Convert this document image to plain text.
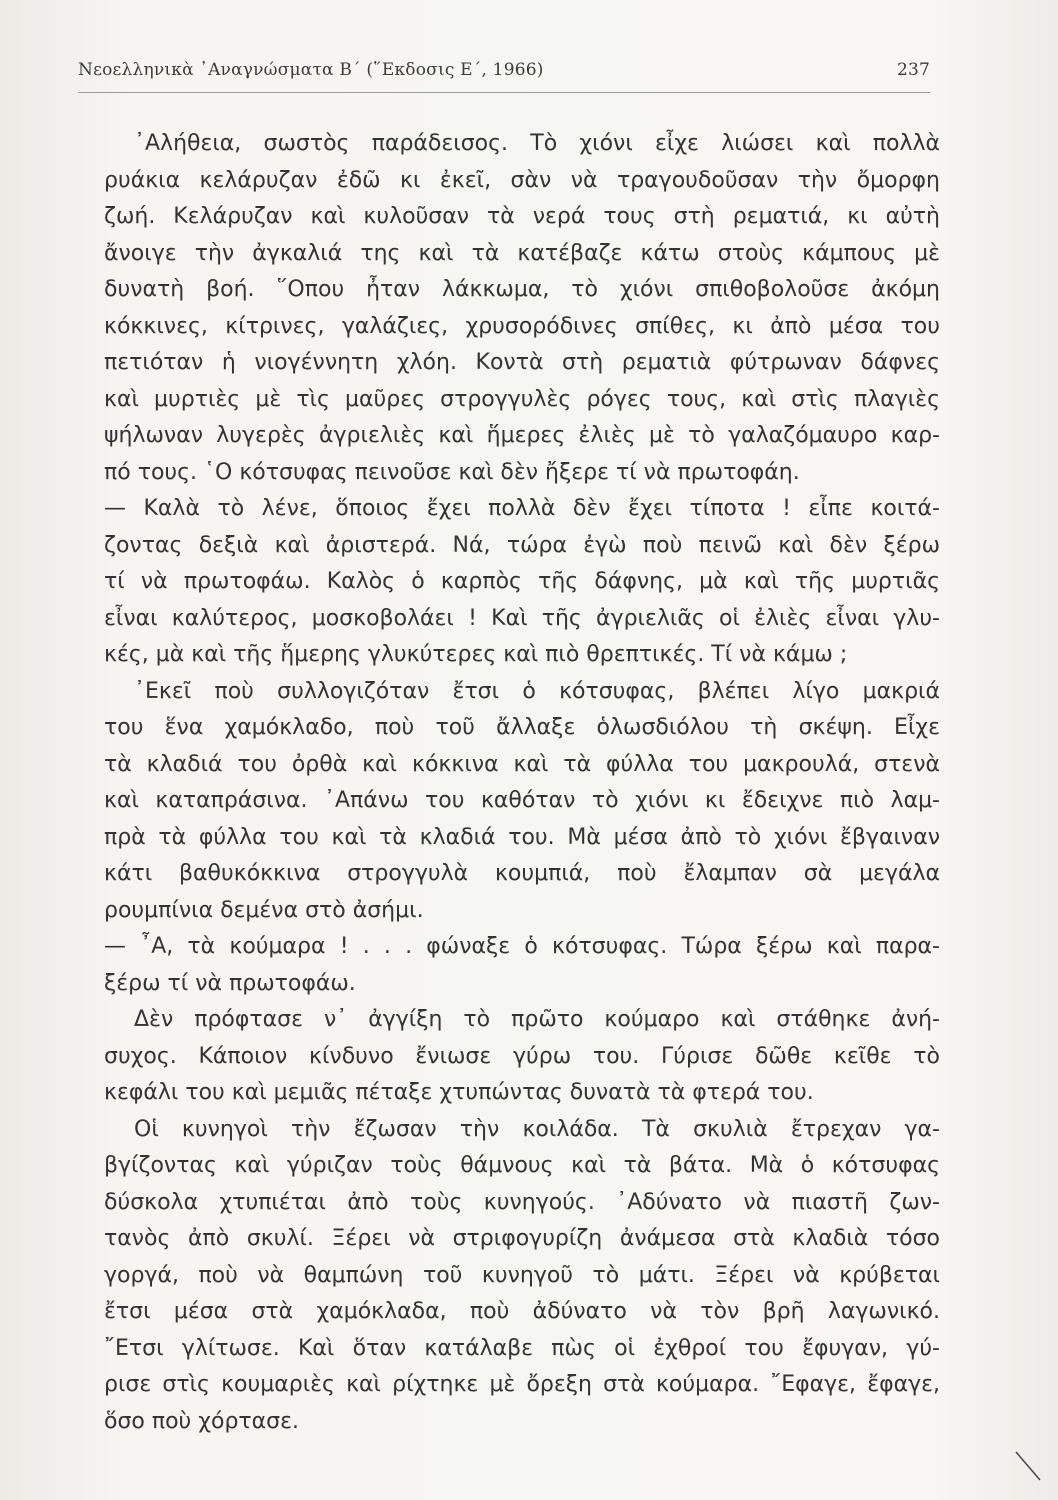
Νεοελληνικὰ ᾽Αναγνώσματα Β΄ (῞Εκδοσις Ε΄, 1966)	237
᾽Αλήθεια, σωστὸς παράδεισος. Τὸ χιόνι εἶχε λιώσει καὶ πολλὰ
ρυάκια κελάρυζαν ἐδῶ κι ἐκεῖ, σὰν νὰ τραγουδοῦσαν τὴν ὄμορφη
ζωή. Κελάρυζαν καὶ κυλοῦσαν τὰ νερά τους στὴ ρεματιά, κι αὐτὴ
ἄνοιγε τὴν ἀγκαλιά της καὶ τὰ κατέβαζε κάτω στοὺς κάμπους μὲ
δυνατὴ βοή. ῞Οπου ἦταν λάκκωμα, τὸ χιόνι σπιθοβολοῦσε ἀκόμη
κόκκινες, κίτρινες, γαλάζιες, χρυσορόδινες σπίθες, κι ἀπὸ μέσα του
πετιόταν ἡ νιογέννητη χλόη. Κοντὰ στὴ ρεματιὰ φύτρωναν δάφνες
καὶ μυρτιὲς μὲ τὶς μαῦρες στρογγυλὲς ρόγες τους, καὶ στὶς πλαγιὲς
ψήλωναν λυγερὲς ἀγριελιὲς καὶ ἥμερες ἐλιὲς μὲ τὸ γαλαζόμαυρο καρ-
πό τους. ῾Ο κότσυφας πεινοῦσε καὶ δὲν ἤξερε τί νὰ πρωτοφάη.
— Καλὰ τὸ λένε, ὅποιος ἔχει πολλὰ δὲν ἔχει τίποτα ! εἶπε κοιτά-
ζοντας δεξιὰ καὶ ἀριστερά. Νά, τώρα ἐγὼ ποὺ πεινῶ καὶ δὲν ξέρω
τί νὰ πρωτοφάω. Καλὸς ὁ καρπὸς τῆς δάφνης, μὰ καὶ τῆς μυρτιᾶς
εἶναι καλύτερος, μοσκοβολάει ! Καὶ τῆς ἀγριελιᾶς οἱ ἐλιὲς εἶναι γλυ-
κές, μὰ καὶ τῆς ἥμερης γλυκύτερες καὶ πιὸ θρεπτικές. Τί νὰ κάμω ;
᾽Εκεῖ ποὺ συλλογιζόταν ἔτσι ὁ κότσυφας, βλέπει λίγο μακριά
του ἕνα χαμόκλαδο, ποὺ τοῦ ἄλλαξε ὁλωσδιόλου τὴ σκέψη. Εἶχε
τὰ κλαδιά του ὀρθὰ καὶ κόκκινα καὶ τὰ φύλλα του μακρουλά, στενὰ
καὶ καταπράσινα. ᾽Απάνω του καθόταν τὸ χιόνι κι ἔδειχνε πιὸ λαμ-
πρὰ τὰ φύλλα του καὶ τὰ κλαδιά του. Μὰ μέσα ἀπὸ τὸ χιόνι ἔβγαιναν
κάτι βαθυκόκκινα στρογγυλὰ κουμπιά, ποὺ ἔλαμπαν σὰ μεγάλα
ρουμπίνια δεμένα στὸ ἀσήμι.
— ῏Α, τὰ κούμαρα ! . . . φώναξε ὁ κότσυφας. Τώρα ξέρω καὶ παρα-
ξέρω τί νὰ πρωτοφάω.
Δὲν πρόφτασε ν᾽ ἀγγίξη τὸ πρῶτο κούμαρο καὶ στάθηκε ἀνή-
συχος. Κάποιον κίνδυνο ἔνιωσε γύρω του. Γύρισε δῶθε κεῖθε τὸ
κεφάλι του καὶ μεμιᾶς πέταξε χτυπώντας δυνατὰ τὰ φτερά του.
Οἱ κυνηγοὶ τὴν ἔζωσαν τὴν κοιλάδα. Τὰ σκυλιὰ ἔτρεχαν γα-
βγίζοντας καὶ γύριζαν τοὺς θάμνους καὶ τὰ βάτα. Μὰ ὁ κότσυφας
δύσκολα χτυπιέται ἀπὸ τοὺς κυνηγούς. ᾽Αδύνατο νὰ πιαστῆ ζων-
τανὸς ἀπὸ σκυλί. Ξέρει νὰ στριφογυρίζη ἀνάμεσα στὰ κλαδιὰ τόσο
γοργά, ποὺ νὰ θαμπώνη τοῦ κυνηγοῦ τὸ μάτι. Ξέρει νὰ κρύβεται
ἔτσι μέσα στὰ χαμόκλαδα, ποὺ ἀδύνατο νὰ τὸν βρῆ λαγωνικό.
῎Ετσι γλίτωσε. Καὶ ὅταν κατάλαβε πὼς οἱ ἐχθροί του ἔφυγαν, γύ-
ρισε στὶς κουμαριὲς καὶ ρίχτηκε μὲ ὄρεξη στὰ κούμαρα. ῎Εφαγε, ἔφαγε,
ὅσο ποὺ χόρτασε.
